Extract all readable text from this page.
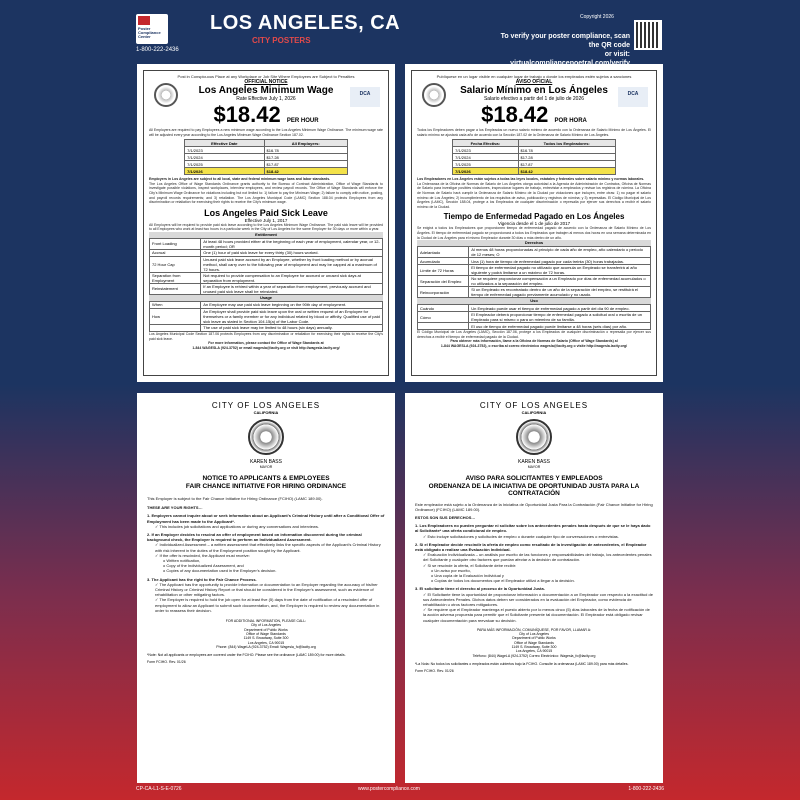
Poster Compliance Center
LOS ANGELES, CA
CITY POSTERS
1-800-222-2436
Copyright 2026
To verify your poster compliance, scan the QR code
or visit:
Post in Conspicuous Place at any Workplace or Job Site Where Employees are Subject to Penalties
DCA
OFFICIAL NOTICE
Los Angeles Minimum Wage
Rate Effective July 1, 2026
$18.42 PER HOUR
All Employers are required to pay Employees a new minimum wage according to the Los Angeles Minimum Wage Ordinance. The minimum wage rate will be adjusted every year according to the Los Angeles Minimum Wage Ordinance Section 187.02.
Effective Date	All Employers:
7/1/2023	$16.78
7/1/2024	$17.28
7/1/2025	$17.87
7/1/2026	$18.42
Employers in Los Angeles are subject to all local, state and federal minimum wage laws and labor standards.
The Los Angeles Office of Wage Standards Ordinance grants authority to the Bureau of Contract Administration, Office of Wage Standards to investigate possible violations, inspect workplaces, interview employees, and review payroll records. The Office of Wage Standards will enforce the City's Minimum Wage Ordinance for violations including but not limited to: 1) failure to pay the Minimum Wage; 2) failure to comply with notice, posting, and payroll records requirements; and 3) retaliation. The Los Angeles Municipal Code (LAMC) Section 188.04 protects Employees from any discrimination or retaliation for exercising their rights to receive the City's minimum wage.
Los Angeles Paid Sick Leave
Effective July 1, 2017
All Employers will be required to provide paid sick leave according to the Los Angeles Minimum Wage Ordinance. The paid sick leave will be provided to all Employees who work at least two hours in a particular week in the City of Los Angeles for the same Employer for 30 days or more within a year.
Entitlement
Front Loading	At least 48 hours provided either at the beginning of each year of employment, calendar year, or 12-month period; OR
Accrual	One (1) hour of paid sick leave for every thirty (30) hours worked.
72 Hour Cap	Unused paid sick leave accrued by an Employee, whether by front loading method or by accrual method, shall carry over to the following year of employment and may be capped at a maximum of 72 hours.
Separation from Employment	Not required to provide compensation to an Employee for accrued or unused sick days at separation from employment.
Reinstatement	If an Employee is rehired within a year of separation from employment, previously accrued and unused paid sick leave shall be reinstated.
Usage
When	An Employee may use paid sick leave beginning on the 90th day of employment.
How	An Employer shall provide paid sick leave upon the oral or written request of an Employee for themselves or a family member or for any individual related by blood or affinity. Qualified use of paid sick leave as stated in Section 104.15(a) of the Labor Code.
	The use of paid sick leave may be limited to 48 hours (six days) annually.
Los Angeles Municipal Code Section 187.06 protects Employees from any discrimination or retaliation for exercising their rights to receive the City's paid sick leave.
For more information, please contact the Office of Wage Standards at
1-844 WAGESLA (924-3752) or email wagesla@lacity.org or visit http://wagesla.lacity.org/
Publíquese en un lugar visible en cualquier lugar de trabajo o donde los empleados estén sujetos a sanciones
DCA
AVISO OFICIAL
Salario Mínimo en Los Ángeles
Salario efectivo a partir del 1 de julio de 2026
$18.42 POR HORA
Todos los Empleadores deben pagar a los Empleados un nuevo salario mínimo de acuerdo con la Ordenanza de Salario Mínimo de Los Ángeles. El salario mínimo se ajustará cada año de acuerdo con la Sección 187.02 de la Ordenanza de Salario Mínimo de Los Ángeles.
Fecha Efectiva:	Todos los Empleadores:
7/1/2023	$16.78
7/1/2024	$17.28
7/1/2025	$17.87
7/1/2026	$18.42
Los Empleadores en Los Ángeles están sujetos a todas las leyes locales, estatales y federales sobre salario mínimo y normas laborales.
La Ordenanza de la Oficina de Normas de Salario de Los Ángeles otorga autoridad a la Agencia de Administración de Contratos, Oficina de Normas de Salario para investigar posibles violaciones, inspeccionar lugares de trabajo, entrevistar a empleados y revisar los registros de nómina. La Oficina de Normas de Salario hará cumplir la Ordenanza de Salario Mínimo de la Ciudad por violaciones que incluyen, entre otras: 1) no pagar el salario mínimo de Los Ángeles; 2) incumplimiento de los requisitos de aviso, publicación y registros de nómina; y 3) represalias. El Código Municipal de Los Ángeles (LAMC), Sección 188.04, protege a los Empleados de cualquier discriminación o represalia por ejercer sus derechos a recibir el salario mínimo de la Ciudad.
Tiempo de Enfermedad Pagado en Los Ángeles
Vigencia desde el 1 de julio de 2017
Se exigirá a todos los Empleadores que proporcionen tiempo de enfermedad pagado de acuerdo con la Ordenanza de Salario Mínimo de Los Ángeles. El tiempo de enfermedad pagado se proporcionará a todos los Empleados que trabajen al menos dos horas en una semana determinada en la Ciudad de Los Ángeles para el mismo Empleador durante 30 días o más dentro de un año.
Derechos
Adelantado	Al menos 48 horas proporcionadas al principio de cada año de empleo, año calendario o período de 12 meses; O
Acumulado	Una (1) hora de tiempo de enfermedad pagado por cada treinta (30) horas trabajadas.
Límite de 72 Horas	El tiempo de enfermedad pagado no utilizado que acumula un Empleado se transferirá al año siguiente y podrá limitarse a un máximo de 72 horas.
Separación del Empleo	No se requiere proporcionar compensación a un Empleado por días de enfermedad acumulados o no utilizados a la separación del empleo.
Reincorporación	Si un Empleado es recontratado dentro de un año de la separación del empleo, se restituirá el tiempo de enfermedad pagado previamente acumulado y no usado.
Uso
Cuándo	Un Empleado puede usar el tiempo de enfermedad pagado a partir del día 90 de empleo.
Cómo	El Empleador deberá proporcionar tiempo de enfermedad pagado a solicitud oral o escrita de un Empleado para sí mismo o para un miembro de su familia.
	El uso de tiempo de enfermedad pagado puede limitarse a 48 horas (seis días) por año.
El Código Municipal de Los Ángeles (LAMC), Sección 187.06, protege a los Empleados de cualquier discriminación o represalia por ejercer sus derechos a recibir el tiempo de enfermedad pagado de la Ciudad.
Para obtener más información, llame a la Oficina de Normas de Salario (Office of Wage Standards) al
1-844 WAGESLA (924-3752), o escriba al correo electrónico wagesla@lacity.org o visite http://wagesla.lacity.org/
CITY OF LOS ANGELES
CALIFORNIA
KAREN BASS
MAYOR
NOTICE TO APPLICANTS & EMPLOYEES
FAIR CHANCE INITIATIVE FOR HIRING ORDINANCE
This Employer is subject to the Fair Chance Initiative for Hiring Ordinance (FCIHO) (LAMC 189.00).
THESE ARE YOUR RIGHTS…
1. Employers cannot inquire about or seek information about an Applicant's Criminal History until after a Conditional Offer of Employment has been made to the Applicant*.
✓ This includes job solicitations and applications or during any conversations and interviews.
2. If an Employer decides to rescind an offer of employment based on information discovered during the criminal background check, the Employer is required to perform an Individualized Assessment.
✓ Individualized Assessment – a written assessment that effectively links the specific aspects of the Applicant's Criminal History with risk inherent in the duties of the Employment position sought by the Applicant.
✓ If the offer is rescinded, the Applicant must receive:
o Written notification,
o Copy of the Individualized Assessment, and
o Copies of any documentation used in the Employer's decision.
3. The Applicant has the right to the Fair Chance Process.
✓ The Applicant has the opportunity to provide information or documentation to an Employer regarding the accuracy of his/her Criminal History or Criminal History Report or that should be considered in the Employer's assessment, such as evidence of rehabilitation or other mitigating factors.
✓ The Employer is required to hold the job open for at least five (5) days from the date of notification of a rescinded offer of employment to allow an Applicant to submit such documentation, and, the Employer is required to review any documentation in order to reassess their decision.
FOR ADDITIONAL INFORMATION, PLEASE CALL:
City of Los Angeles
Department of Public Works
Office of Wage Standards
1149 S. Broadway, Suite 300
Los Angeles, CA 90015
Phone: (844) WageLA (924-3752) Email: Wagesla_fc@lacity.org
*Note: Not all applicants or employees are covered under the FCIHO. Please see the ordinance (LAMC 189.00) for more details.
Form FCIHO. Rev. 01/26
CITY OF LOS ANGELES
CALIFORNIA
KAREN BASS
MAYOR
AVISO PARA SOLICITANTES Y EMPLEADOS
ORDENANZA DE LA INICIATIVA DE OPORTUNIDAD JUSTA PARA LA CONTRATACIÓN
Este empleador está sujeto a la Ordenanza de la Iniciativa de Oportunidad Justa Para la Contratación (Fair Chance Initiative for Hiring Ordinance) (FCIHO) (LAMC 189.00).
ESTOS SON SUS DERECHOS…
1. Los Empleadores no pueden preguntar ni solicitar sobre los antecedentes penales hasta después de que se le haya dado al Solicitante* una oferta condicional de empleo.
✓ Esto incluye solicitaciones y solicitudes de empleo o durante cualquier tipo de conversaciones o entrevistas.
2. Si el Empleador decide rescindir la oferta de empleo como resultado de la investigación de antecedentes, el Empleador está obligado a realizar una Evaluación Individual.
✓ Evaluación Individualizada – un análisis por escrito de las funciones y responsabilidades del trabajo, los antecedentes penales del Solicitante y cualquier otro factores que puedan afectar a la decisión de contratación.
✓ Si se rescinde la oferta, el Solicitante debe recibir:
o Un aviso por escrito,
o Una copia de la Evaluación Individual y
o Copias de todos los documentos que el Empleador utilizó a llegar a la decisión.
3. El solicitante tiene el derecho al proceso de la Oportunidad Justa.
✓ El Solicitante tiene la oportunidad de proporcionar información o documentación a un Empleador con respecto a la exactitud de sus Antecedentes Penales. Dichos datos deben ser considerados en la evaluación del Empleador, como evidencia de rehabilitación u otros factores mitigadores.
✓ Se requiere que el Empleador mantenga el puesto abierto por lo menos cinco (5) días laborales de la fecha de notificación de la acción adversa propuesta para permitir que el Solicitante presente tal documentación. El Empleador está obligado revisar cualquier documentación para reevaluar su decisión.
PARA MÁS INFORMACIÓN, COMUNÍQUESE, POR FAVOR, LLAMAR A:
City of Los Angeles
Department of Public Works
Office of Wage Standards
1149 S. Broadway, Suite 300
Los Angeles, CA 90015
Teléfono: (844) WageLA (924-3752) Correo Electrónico: Wagesla_fc@lacity.org
*La Nota: No todos los solicitantes o empleados están cubiertos bajo la FCIHO. Consulte la ordenanza (LAMC 189.00) para más detalles.
Form FCIHO. Rev. 01/26
CP-CA-L1-S-E-0726	www.postercompliance.com	1-800-222-2436
